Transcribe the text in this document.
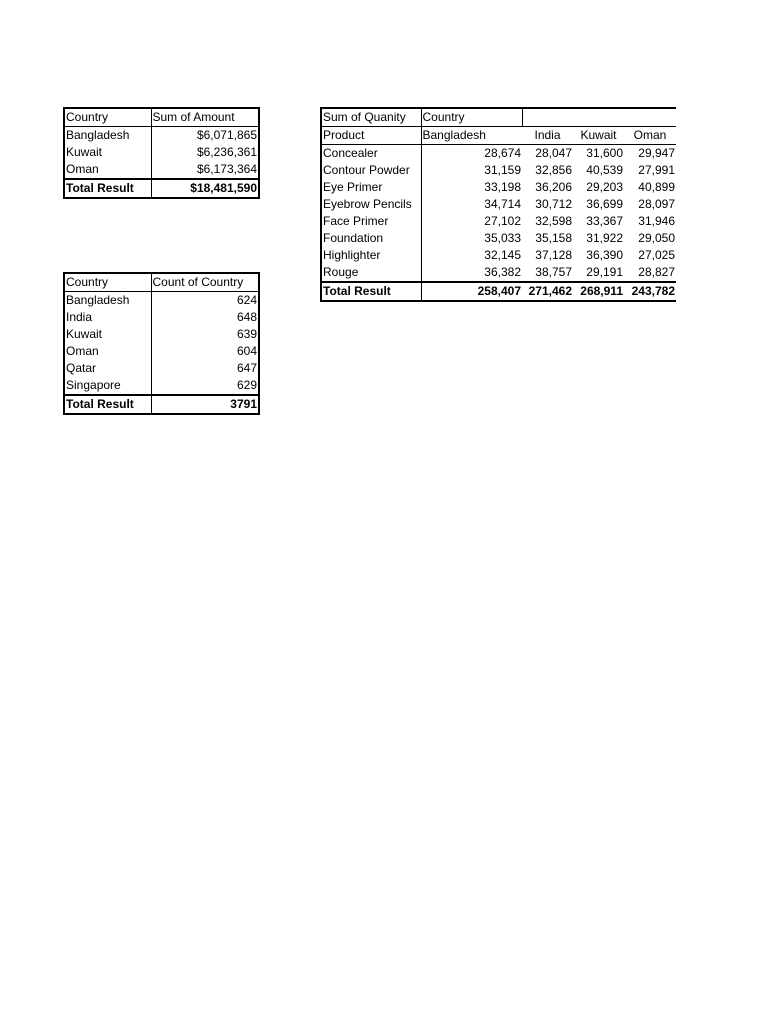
Country	Sum of Amount
Bangladesh	$6,071,865
Kuwait	$6,236,361
Oman	$6,173,364
Total Result	$18,481,590
Country	Count of Country
Bangladesh	624
India	648
Kuwait	639
Oman	604
Qatar	647
Singapore	629
Total Result	3791
Sum of Quanity	Country			
Product	Bangladesh	India	Kuwait	Oman
Concealer	28,674	28,047	31,600	29,947
Contour Powder	31,159	32,856	40,539	27,991
Eye Primer	33,198	36,206	29,203	40,899
Eyebrow Pencils	34,714	30,712	36,699	28,097
Face Primer	27,102	32,598	33,367	31,946
Foundation	35,033	35,158	31,922	29,050
Highlighter	32,145	37,128	36,390	27,025
Rouge	36,382	38,757	29,191	28,827
Total Result	258,407	271,462	268,911	243,782
